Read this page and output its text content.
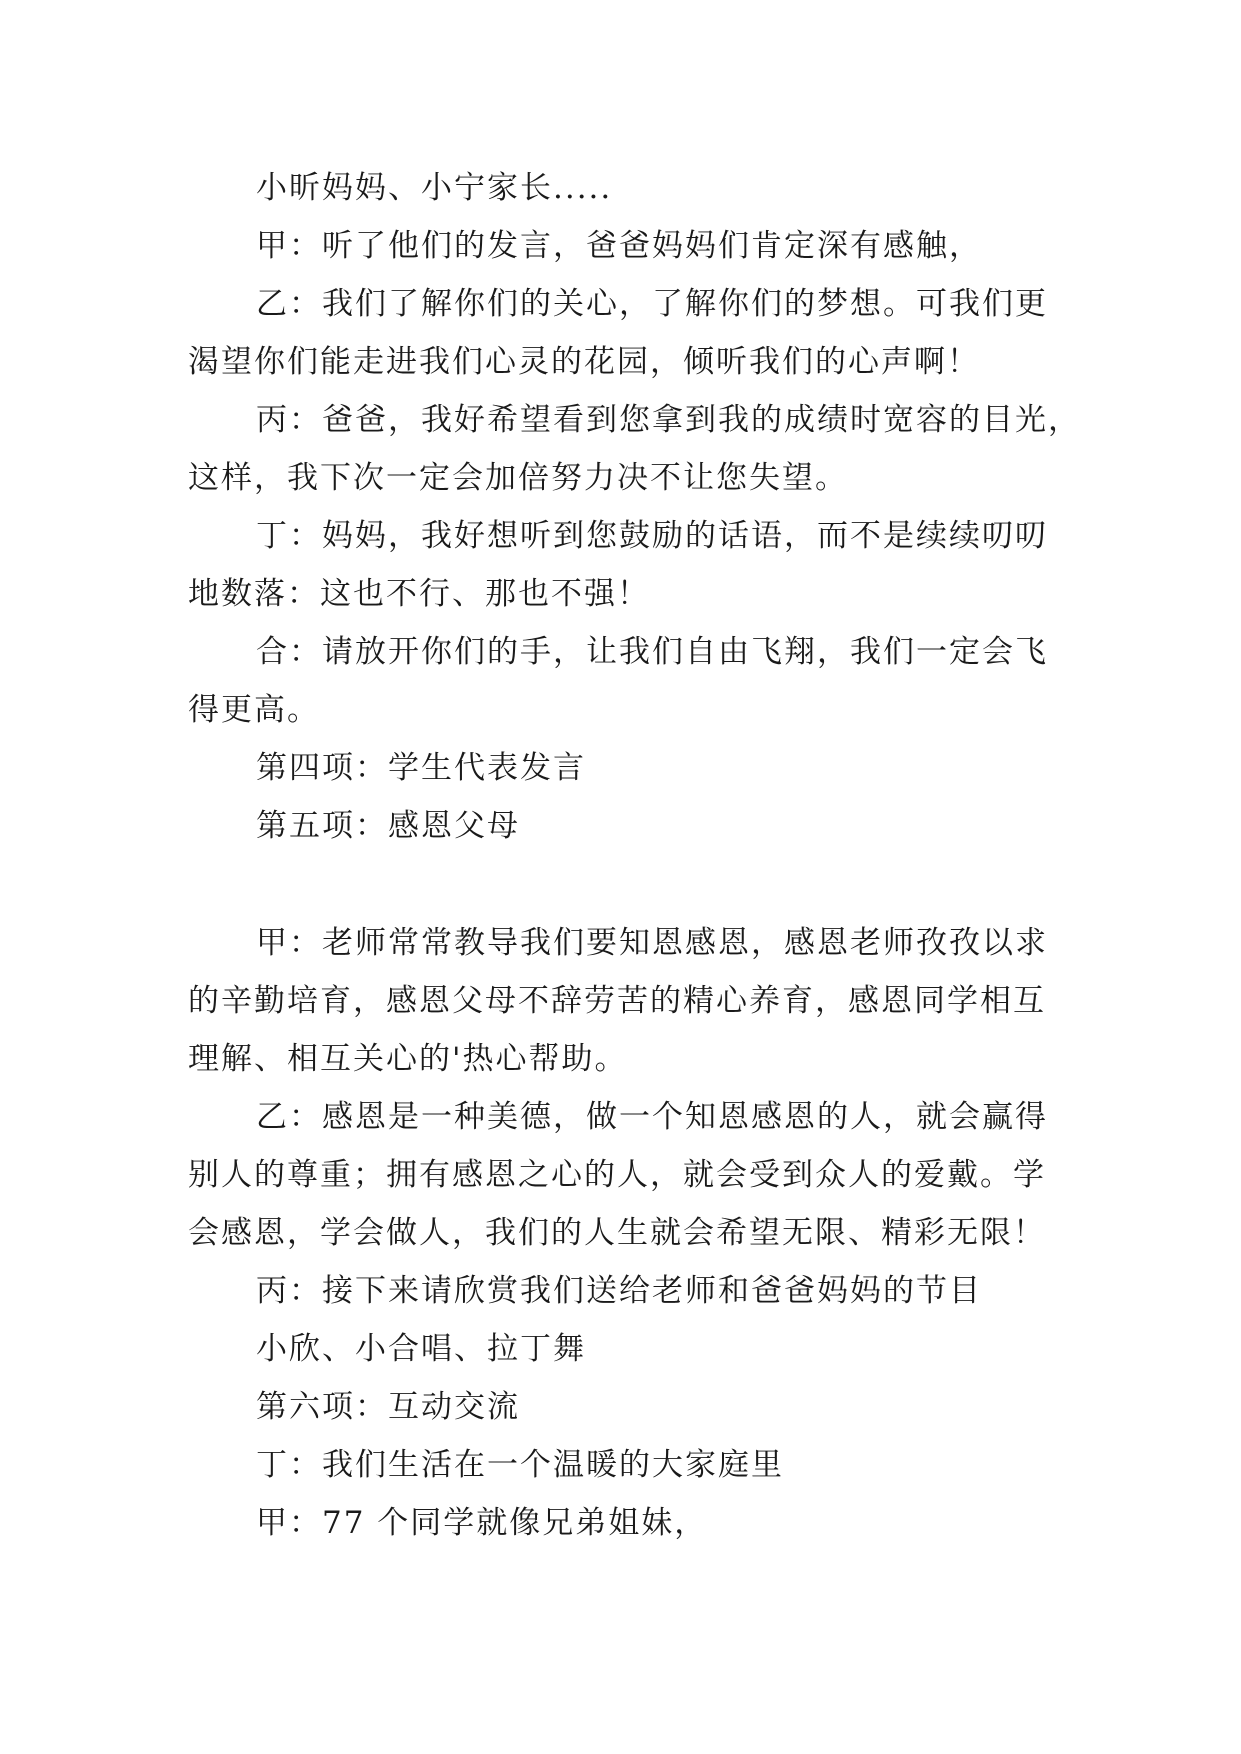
小昕妈妈、小宁家长.....
甲：听了他们的发言，爸爸妈妈们肯定深有感触，
乙：我们了解你们的关心，了解你们的梦想。可我们更
渴望你们能走进我们心灵的花园，倾听我们的心声啊！
丙：爸爸，我好希望看到您拿到我的成绩时宽容的目光，
这样，我下次一定会加倍努力决不让您失望。
丁：妈妈，我好想听到您鼓励的话语，而不是续续叨叨
地数落：这也不行、那也不强！
合：请放开你们的手，让我们自由飞翔，我们一定会飞
得更高。
第四项：学生代表发言
第五项：感恩父母
甲：老师常常教导我们要知恩感恩，感恩老师孜孜以求
的辛勤培育，感恩父母不辞劳苦的精心养育，感恩同学相互
理解、相互关心的'热心帮助。
乙：感恩是一种美德，做一个知恩感恩的人，就会赢得
别人的尊重；拥有感恩之心的人，就会受到众人的爱戴。学
会感恩，学会做人，我们的人生就会希望无限、精彩无限！
丙：接下来请欣赏我们送给老师和爸爸妈妈的节目
小欣、小合唱、拉丁舞
第六项：互动交流
丁：我们生活在一个温暖的大家庭里
甲：77 个同学就像兄弟姐妹，
